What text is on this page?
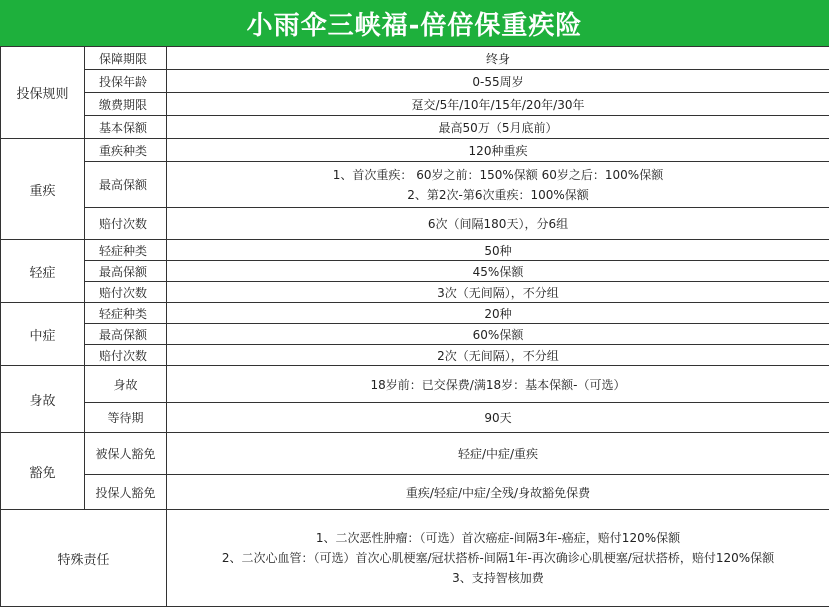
小雨伞三峡福-倍倍保重疾险
投保规则	保障期限	终身
	投保年龄	0-55周岁
	缴费期限	趸交/5年/10年/15年/20年/30年
	基本保额	最高50万（5月底前）
重疾	重疾种类	120种重疾
	最高保额	1、首次重疾： 60岁之前：150%保额 60岁之后：100%保额
2、第2次-第6次重疾：100%保额

	赔付次数	6次（间隔180天），分6组
轻症	轻症种类	50种
	最高保额	45%保额
	赔付次数	3次（无间隔），不分组
中症	轻症种类	20种
	最高保额	60%保额
	赔付次数	2次（无间隔），不分组
身故	身故	18岁前：已交保费/满18岁：基本保额-（可选）
	等待期	90天
豁免	被保人豁免	轻症/中症/重疾
	投保人豁免	重疾/轻症/中症/全残/身故豁免保费
特殊责任		1、二次恶性肿瘤：（可选）首次癌症-间隔3年-癌症，赔付120%保额
2、二次心血管：（可选）首次心肌梗塞/冠状搭桥-间隔1年-再次确诊心肌梗塞/冠状搭桥，赔付120%保额
3、支持智核加费
